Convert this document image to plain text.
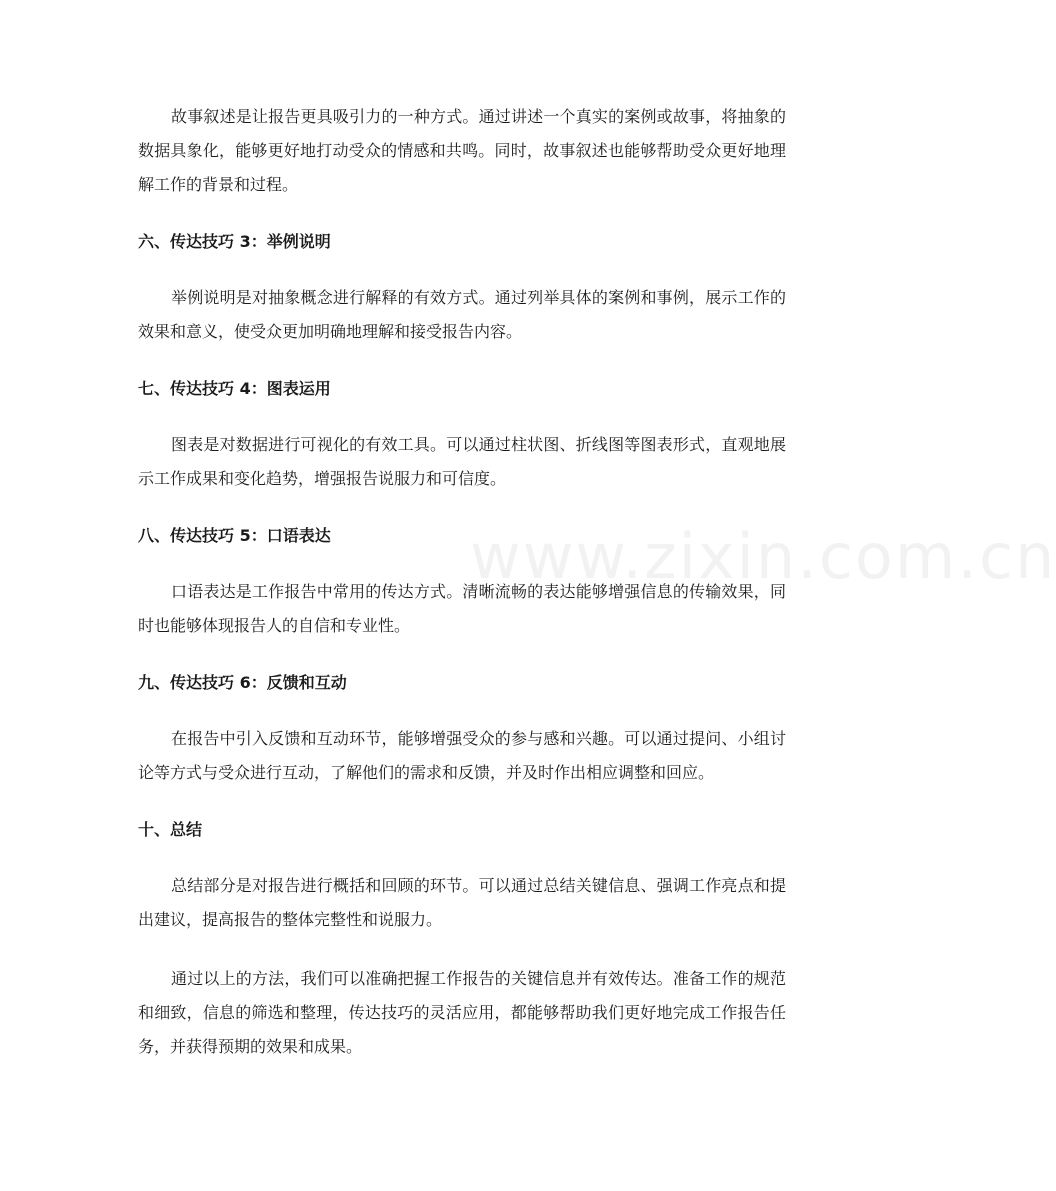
www.zixin.com.cn

故事叙述是让报告更具吸引力的一种方式。通过讲述一个真实的案例或故事，将抽象的数据具象化，能够更好地打动受众的情感和共鸣。同时，故事叙述也能够帮助受众更好地理解工作的背景和过程。

六、传达技巧 3：举例说明

举例说明是对抽象概念进行解释的有效方式。通过列举具体的案例和事例，展示工作的效果和意义，使受众更加明确地理解和接受报告内容。

七、传达技巧 4：图表运用

图表是对数据进行可视化的有效工具。可以通过柱状图、折线图等图表形式，直观地展示工作成果和变化趋势，增强报告说服力和可信度。

八、传达技巧 5：口语表达

口语表达是工作报告中常用的传达方式。清晰流畅的表达能够增强信息的传输效果，同时也能够体现报告人的自信和专业性。

九、传达技巧 6：反馈和互动

在报告中引入反馈和互动环节，能够增强受众的参与感和兴趣。可以通过提问、小组讨论等方式与受众进行互动，了解他们的需求和反馈，并及时作出相应调整和回应。

十、总结

总结部分是对报告进行概括和回顾的环节。可以通过总结关键信息、强调工作亮点和提出建议，提高报告的整体完整性和说服力。

通过以上的方法，我们可以准确把握工作报告的关键信息并有效传达。准备工作的规范和细致，信息的筛选和整理，传达技巧的灵活应用，都能够帮助我们更好地完成工作报告任务，并获得预期的效果和成果。
